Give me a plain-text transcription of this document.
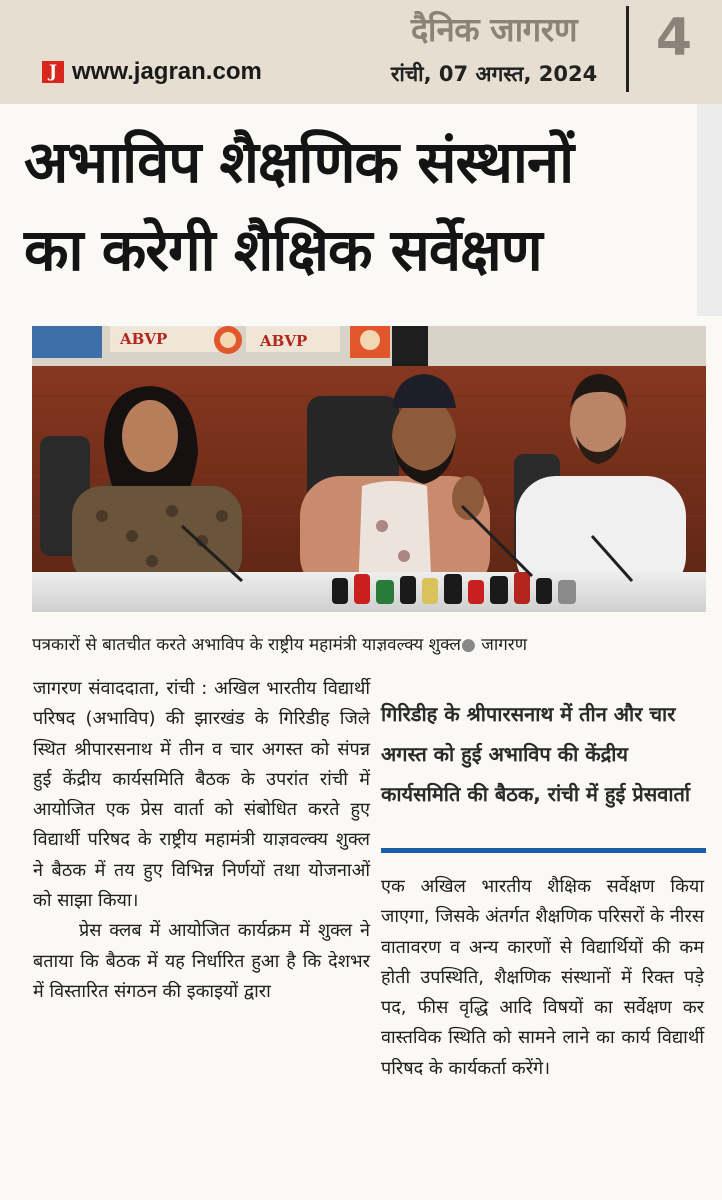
J www.jagran.com
दैनिक जागरण
रांची, 07 अगस्त, 2024
4
अभाविप शैक्षणिक संस्थानों
का करेगी शैक्षिक सर्वेक्षण
ABVP	ABVP
पत्रकारों से बातचीत करते अभाविप के राष्ट्रीय महामंत्री याज्ञवल्क्य शुक्ल● जागरण

जागरण संवाददाता, रांची : अखिल भारतीय विद्यार्थी परिषद (अभाविप) की झारखंड के गिरिडीह जिले स्थित श्रीपारसनाथ में तीन व चार अगस्त को संपन्न हुई केंद्रीय कार्यसमिति बैठक के उपरांत रांची में आयोजित एक प्रेस वार्ता को संबोधित करते हुए विद्यार्थी परिषद के राष्ट्रीय महामंत्री याज्ञवल्क्य शुक्ल ने बैठक में तय हुए विभिन्न निर्णयों तथा योजनाओं को साझा किया।

प्रेस क्लब में आयोजित कार्यक्रम में शुक्ल ने बताया कि बैठक में यह निर्धारित हुआ है कि देशभर में विस्तारित संगठन की इकाइयों द्वारा

गिरिडीह के श्रीपारसनाथ में तीन और चार अगस्त को हुई अभाविप की केंद्रीय कार्यसमिति की बैठक, रांची में हुई प्रेसवार्ता

एक अखिल भारतीय शैक्षिक सर्वेक्षण किया जाएगा, जिसके अंतर्गत शैक्षणिक परिसरों के नीरस वातावरण व अन्य कारणों से विद्यार्थियों की कम होती उपस्थिति, शैक्षणिक संस्थानों में रिक्त पड़े पद, फीस वृद्धि आदि विषयों का सर्वेक्षण कर वास्तविक स्थिति को सामने लाने का कार्य विद्यार्थी परिषद के कार्यकर्ता करेंगे।
